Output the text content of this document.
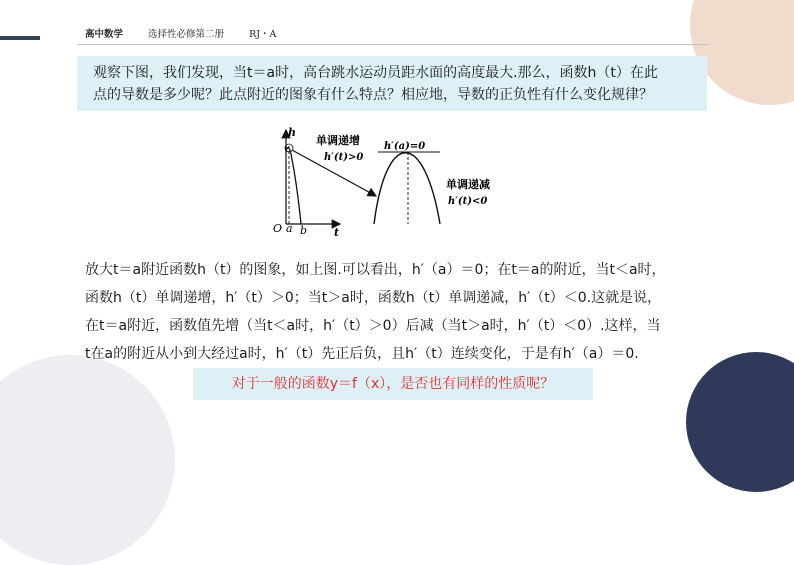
高中数学	选择性必修第二册	RJ・A
观察下图，我们发现，当t＝a时，高台跳水运动员距水面的高度最大.那么，函数h（t）在此
点的导数是多少呢？此点附近的图象有什么特点？相应地，导数的正负性有什么变化规律？
h
t
O a b
单调递增
h′(t)>0
h′(a)=0
单调递减
h′(t)<0

放大t＝a附近函数h（t）的图象，如上图.可以看出，h′（a）＝0；在t＝a的附近，当t＜a时，

函数h（t）单调递增，h′（t）＞0；当t＞a时，函数h（t）单调递减，h′（t）＜0.这就是说，

在t＝a附近，函数值先增（当t＜a时，h′（t）＞0）后减（当t＞a时，h′（t）＜0）.这样，当

t在a的附近从小到大经过a时，h′（t）先正后负，且h′（t）连续变化，于是有h′（a）＝0.

对于一般的函数y＝f（x），是否也有同样的性质呢？
